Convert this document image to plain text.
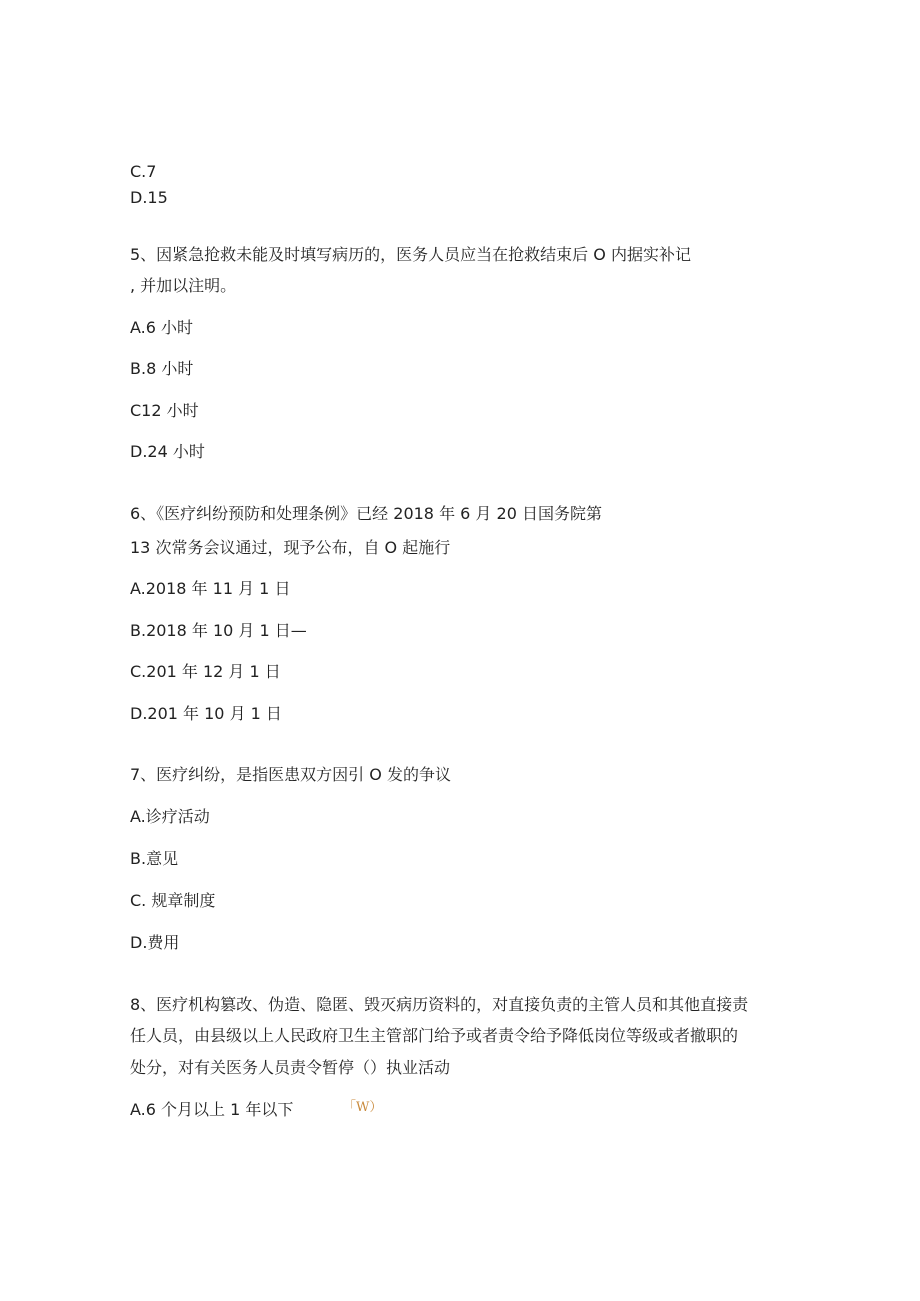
C.7
D.15
5、因紧急抢救未能及时填写病历的，医务人员应当在抢救结束后 O 内据实补记
, 并加以注明。
A.6 小时
B.8 小时
C12 小时
D.24 小时
6、《医疗纠纷预防和处理条例》已经 2018 年 6 月 20 日国务院第
13 次常务会议通过，现予公布，自 O 起施行
A.2018 年 11 月 1 日
B.2018 年 10 月 1 日—
C.201 年 12 月 1 日
D.201 年 10 月 1 日
7、医疗纠纷，是指医患双方因引 O 发的争议
A.诊疗活动
B.意见
C. 规章制度
D.费用
8、医疗机构篡改、伪造、隐匿、毁灭病历资料的，对直接负责的主管人员和其他直接责
任人员，由县级以上人民政府卫生主管部门给予或者责令给予降低岗位等级或者撤职的
处分，对有关医务人员责令暂停（）执业活动
A.6 个月以上 1 年以下	「W）
